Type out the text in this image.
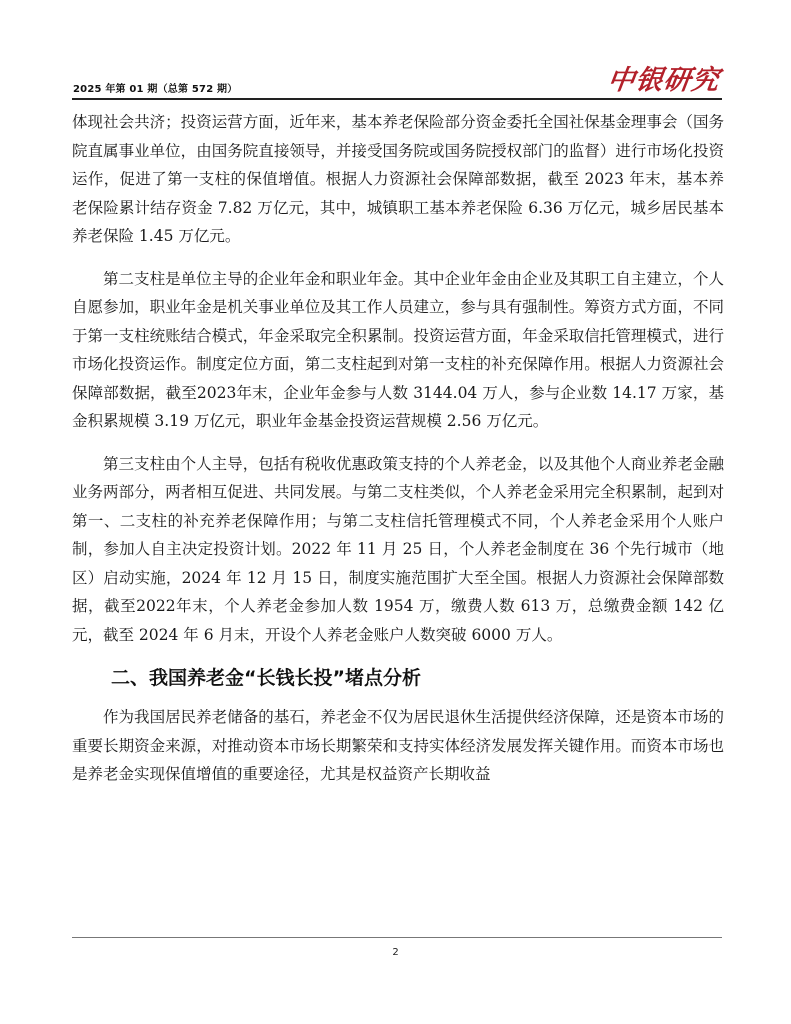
2025 年第 01 期（总第 572 期）	中银研究

体现社会共济；投资运营方面，近年来，基本养老保险部分资金委托全国社保基金理事会（国务院直属事业单位，由国务院直接领导，并接受国务院或国务院授权部门的监督）进行市场化投资运作，促进了第一支柱的保值增值。根据人力资源社会保障部数据，截至 2023 年末，基本养老保险累计结存资金 7.82 万亿元，其中，城镇职工基本养老保险 6.36 万亿元，城乡居民基本养老保险 1.45 万亿元。

第二支柱是单位主导的企业年金和职业年金。其中企业年金由企业及其职工自主建立，个人自愿参加，职业年金是机关事业单位及其工作人员建立，参与具有强制性。筹资方式方面，不同于第一支柱统账结合模式，年金采取完全积累制。投资运营方面，年金采取信托管理模式，进行市场化投资运作。制度定位方面，第二支柱起到对第一支柱的补充保障作用。根据人力资源社会保障部数据，截至2023年末，企业年金参与人数 3144.04 万人，参与企业数 14.17 万家，基金积累规模 3.19 万亿元，职业年金基金投资运营规模 2.56 万亿元。

第三支柱由个人主导，包括有税收优惠政策支持的个人养老金，以及其他个人商业养老金融业务两部分，两者相互促进、共同发展。与第二支柱类似，个人养老金采用完全积累制，起到对第一、二支柱的补充养老保障作用；与第二支柱信托管理模式不同，个人养老金采用个人账户制，参加人自主决定投资计划。2022 年 11 月 25 日，个人养老金制度在 36 个先行城市（地区）启动实施，2024 年 12 月 15 日，制度实施范围扩大至全国。根据人力资源社会保障部数据，截至2022年末，个人养老金参加人数 1954 万，缴费人数 613 万，总缴费金额 142 亿元，截至 2024 年 6 月末，开设个人养老金账户人数突破 6000 万人。

二、我国养老金“长钱长投”堵点分析

作为我国居民养老储备的基石，养老金不仅为居民退休生活提供经济保障，还是资本市场的重要长期资金来源，对推动资本市场长期繁荣和支持实体经济发展发挥关键作用。而资本市场也是养老金实现保值增值的重要途径，尤其是权益资产长期收益

2
